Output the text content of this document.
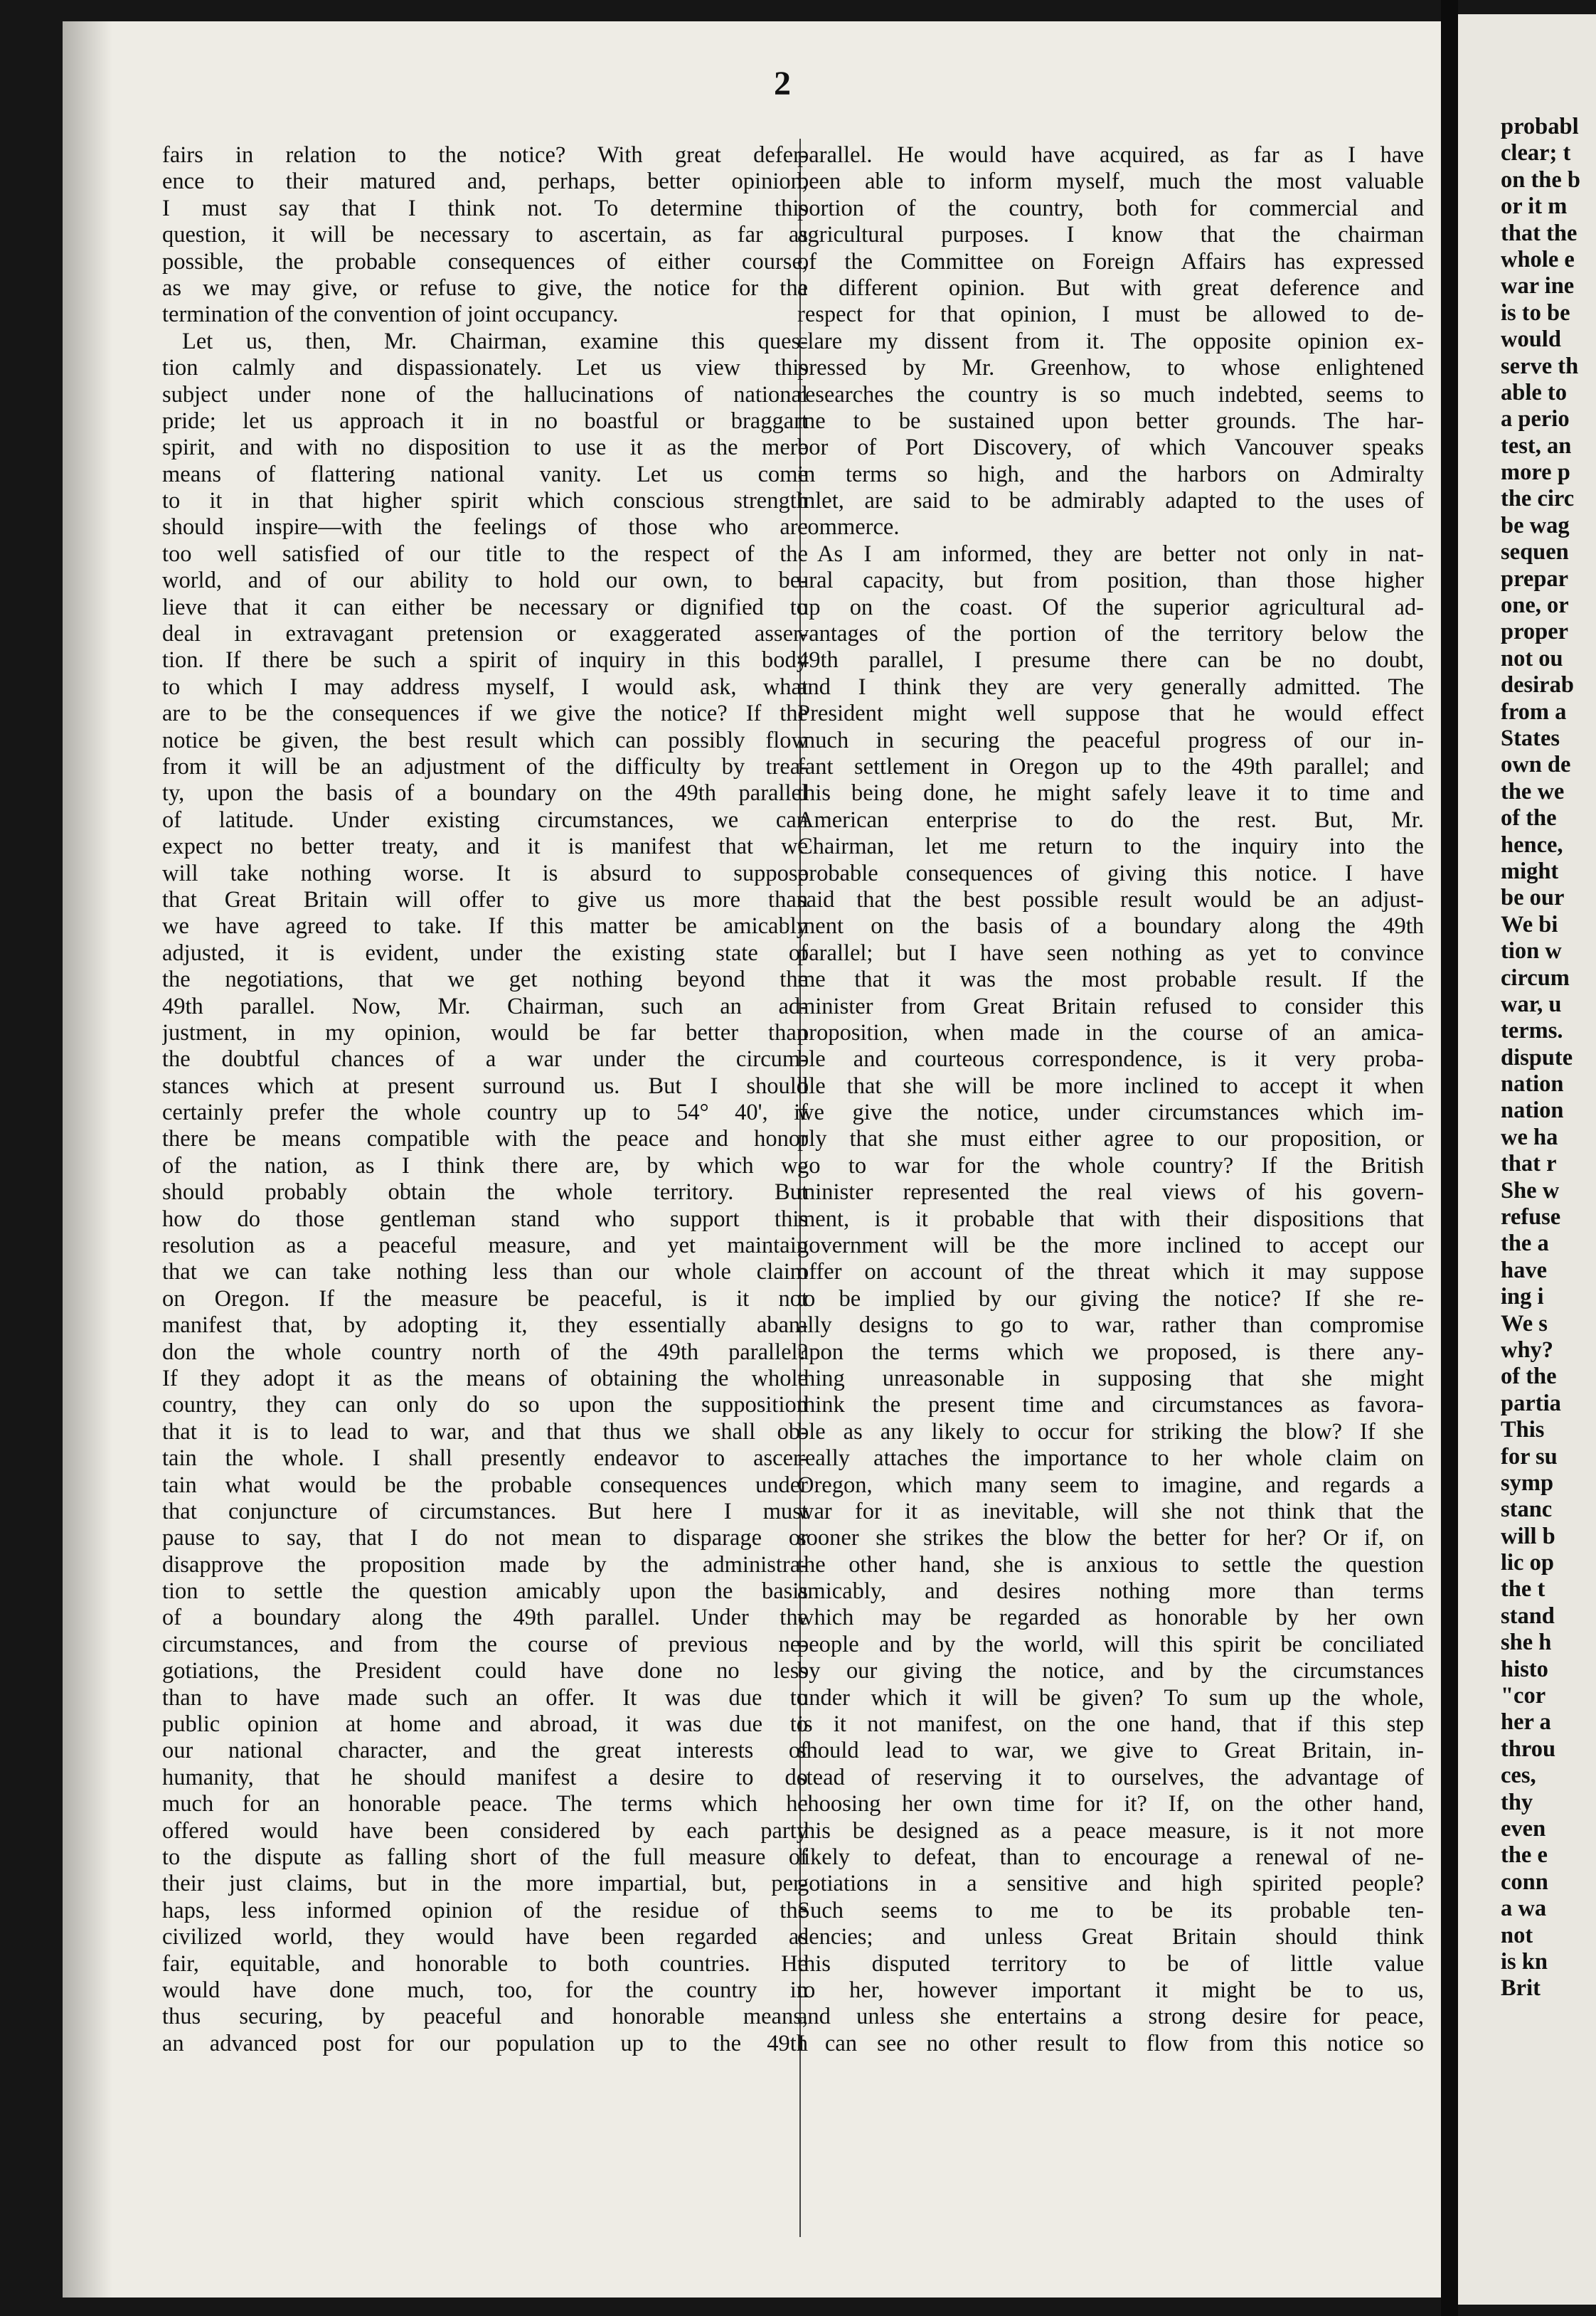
2
fairs in relation to the notice? With great defer-
ence to their matured and, perhaps, better opinion,
I must say that I think not. To determine this
question, it will be necessary to ascertain, as far as
possible, the probable consequences of either course,
as we may give, or refuse to give, the notice for the
termination of the convention of joint occupancy.
Let us, then, Mr. Chairman, examine this ques-
tion calmly and dispassionately. Let us view this
subject under none of the hallucinations of national
pride; let us approach it in no boastful or braggart
spirit, and with no disposition to use it as the mere
means of flattering national vanity. Let us come
to it in that higher spirit which conscious strength
should inspire—with the feelings of those who are
too well satisfied of our title to the respect of the
world, and of our ability to hold our own, to be-
lieve that it can either be necessary or dignified to
deal in extravagant pretension or exaggerated asser-
tion. If there be such a spirit of inquiry in this body
to which I may address myself, I would ask, what
are to be the consequences if we give the notice? If the
notice be given, the best result which can possibly flow
from it will be an adjustment of the difficulty by trea-
ty, upon the basis of a boundary on the 49th parallel
of latitude. Under existing circumstances, we can
expect no better treaty, and it is manifest that we
will take nothing worse. It is absurd to suppose
that Great Britain will offer to give us more than
we have agreed to take. If this matter be amicably
adjusted, it is evident, under the existing state of
the negotiations, that we get nothing beyond the
49th parallel. Now, Mr. Chairman, such an ad-
justment, in my opinion, would be far better than
the doubtful chances of a war under the circum-
stances which at present surround us. But I should
certainly prefer the whole country up to 54° 40', if
there be means compatible with the peace and honor
of the nation, as I think there are, by which we
should probably obtain the whole territory. But
how do those gentleman stand who support this
resolution as a peaceful measure, and yet maintain
that we can take nothing less than our whole claim
on Oregon. If the measure be peaceful, is it not
manifest that, by adopting it, they essentially aban-
don the whole country north of the 49th parallel?
If they adopt it as the means of obtaining the whole
country, they can only do so upon the supposition
that it is to lead to war, and that thus we shall ob-
tain the whole. I shall presently endeavor to ascer-
tain what would be the probable consequences under
that conjuncture of circumstances. But here I must
pause to say, that I do not mean to disparage or
disapprove the proposition made by the administra-
tion to settle the question amicably upon the basis
of a boundary along the 49th parallel. Under the
circumstances, and from the course of previous ne-
gotiations, the President could have done no less
than to have made such an offer. It was due to
public opinion at home and abroad, it was due to
our national character, and the great interests of
humanity, that he should manifest a desire to do
much for an honorable peace. The terms which he
offered would have been considered by each party
to the dispute as falling short of the full measure of
their just claims, but in the more impartial, but, per-
haps, less informed opinion of the residue of the
civilized world, they would have been regarded as
fair, equitable, and honorable to both countries. He
would have done much, too, for the country in
thus securing, by peaceful and honorable means,
an advanced post for our population up to the 49th
parallel. He would have acquired, as far as I have
been able to inform myself, much the most valuable
portion of the country, both for commercial and
agricultural purposes. I know that the chairman
of the Committee on Foreign Affairs has expressed
a different opinion. But with great deference and
respect for that opinion, I must be allowed to de-
clare my dissent from it. The opposite opinion ex-
pressed by Mr. Greenhow, to whose enlightened
researches the country is so much indebted, seems to
me to be sustained upon better grounds. The har-
bor of Port Discovery, of which Vancouver speaks
in terms so high, and the harbors on Admiralty
inlet, are said to be admirably adapted to the uses of
commerce.
As I am informed, they are better not only in nat-
ural capacity, but from position, than those higher
up on the coast. Of the superior agricultural ad-
vantages of the portion of the territory below the
49th parallel, I presume there can be no doubt,
and I think they are very generally admitted. The
President might well suppose that he would effect
much in securing the peaceful progress of our in-
fant settlement in Oregon up to the 49th parallel; and
this being done, he might safely leave it to time and
American enterprise to do the rest. But, Mr.
Chairman, let me return to the inquiry into the
probable consequences of giving this notice. I have
said that the best possible result would be an adjust-
ment on the basis of a boundary along the 49th
parallel; but I have seen nothing as yet to convince
me that it was the most probable result. If the
minister from Great Britain refused to consider this
proposition, when made in the course of an amica-
ble and courteous correspondence, is it very proba-
ble that she will be more inclined to accept it when
we give the notice, under circumstances which im-
ply that she must either agree to our proposition, or
go to war for the whole country? If the British
minister represented the real views of his govern-
ment, is it probable that with their dispositions that
government will be the more inclined to accept our
offer on account of the threat which it may suppose
to be implied by our giving the notice? If she re-
ally designs to go to war, rather than compromise
upon the terms which we proposed, is there any-
thing unreasonable in supposing that she might
think the present time and circumstances as favora-
ble as any likely to occur for striking the blow? If she
really attaches the importance to her whole claim on
Oregon, which many seem to imagine, and regards a
war for it as inevitable, will she not think that the
sooner she strikes the blow the better for her? Or if, on
the other hand, she is anxious to settle the question
amicably, and desires nothing more than terms
which may be regarded as honorable by her own
people and by the world, will this spirit be conciliated
by our giving the notice, and by the circumstances
under which it will be given? To sum up the whole,
is it not manifest, on the one hand, that if this step
should lead to war, we give to Great Britain, in-
stead of reserving it to ourselves, the advantage of
choosing her own time for it? If, on the other hand,
this be designed as a peace measure, is it not more
likely to defeat, than to encourage a renewal of ne-
gotiations in a sensitive and high spirited people?
Such seems to me to be its probable ten-
dencies; and unless Great Britain should think
this disputed territory to be of little value
to her, however important it might be to us,
and unless she entertains a strong desire for peace,
I can see no other result to flow from this notice so
probabl
clear; t
on the b
or it m
that the
whole e
war ine
is to be
would
serve th
able to
a perio
test, an
more p
the circ
be wag
sequen
prepar
one, or
proper
not ou
desirab
from a
States
own de
the we
of the
hence,
might
be our
We bi
tion w
circum
war, u
terms.
dispute
nation
nation
we ha
that r
She w
refuse
the a
have
ing i
We s
why?
of the
partia
This
for su
symp
stanc
will b
lic op
the t
stand
she h
histo
"cor
her a
throu
ces,
thy
even
the e
conn
a wa
not
is kn
Brit
